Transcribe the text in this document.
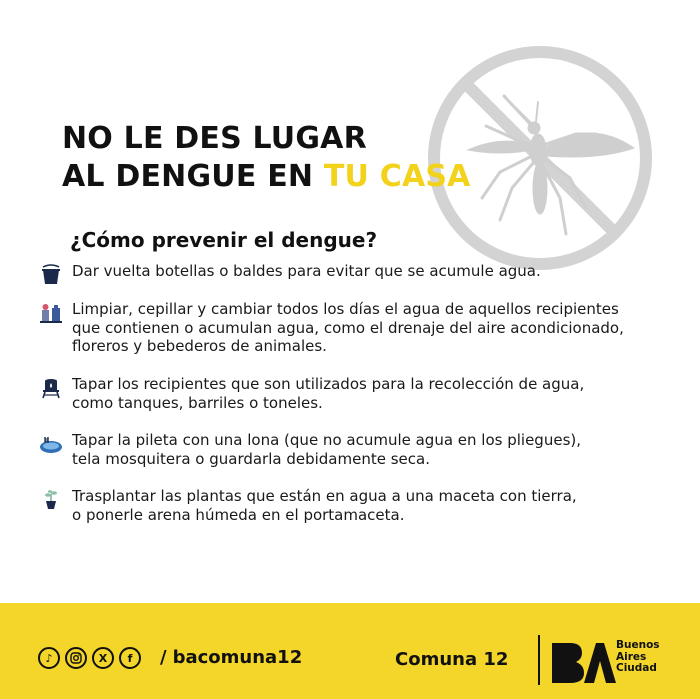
NO LE DES LUGAR
AL DENGUE EN TU CASA
¿Cómo prevenir el dengue?
Dar vuelta botellas o baldes para evitar que se acumule agua.
Limpiar, cepillar y cambiar todos los días el agua de aquellos recipientes
que contienen o acumulan agua, como el drenaje del aire acondicionado,
floreros y bebederos de animales.
Tapar los recipientes que son utilizados para la recolección de agua,
como tanques, barriles o toneles.
Tapar la pileta con una lona (que no acumule agua en los pliegues),
tela mosquitera o guardarla debidamente seca.
Trasplantar las plantas que están en agua a una maceta con tierra,
o ponerle arena húmeda en el portamaceta.
♪	X	f	/ bacomuna12	Comuna 12
Buenos
Aires
Ciudad
